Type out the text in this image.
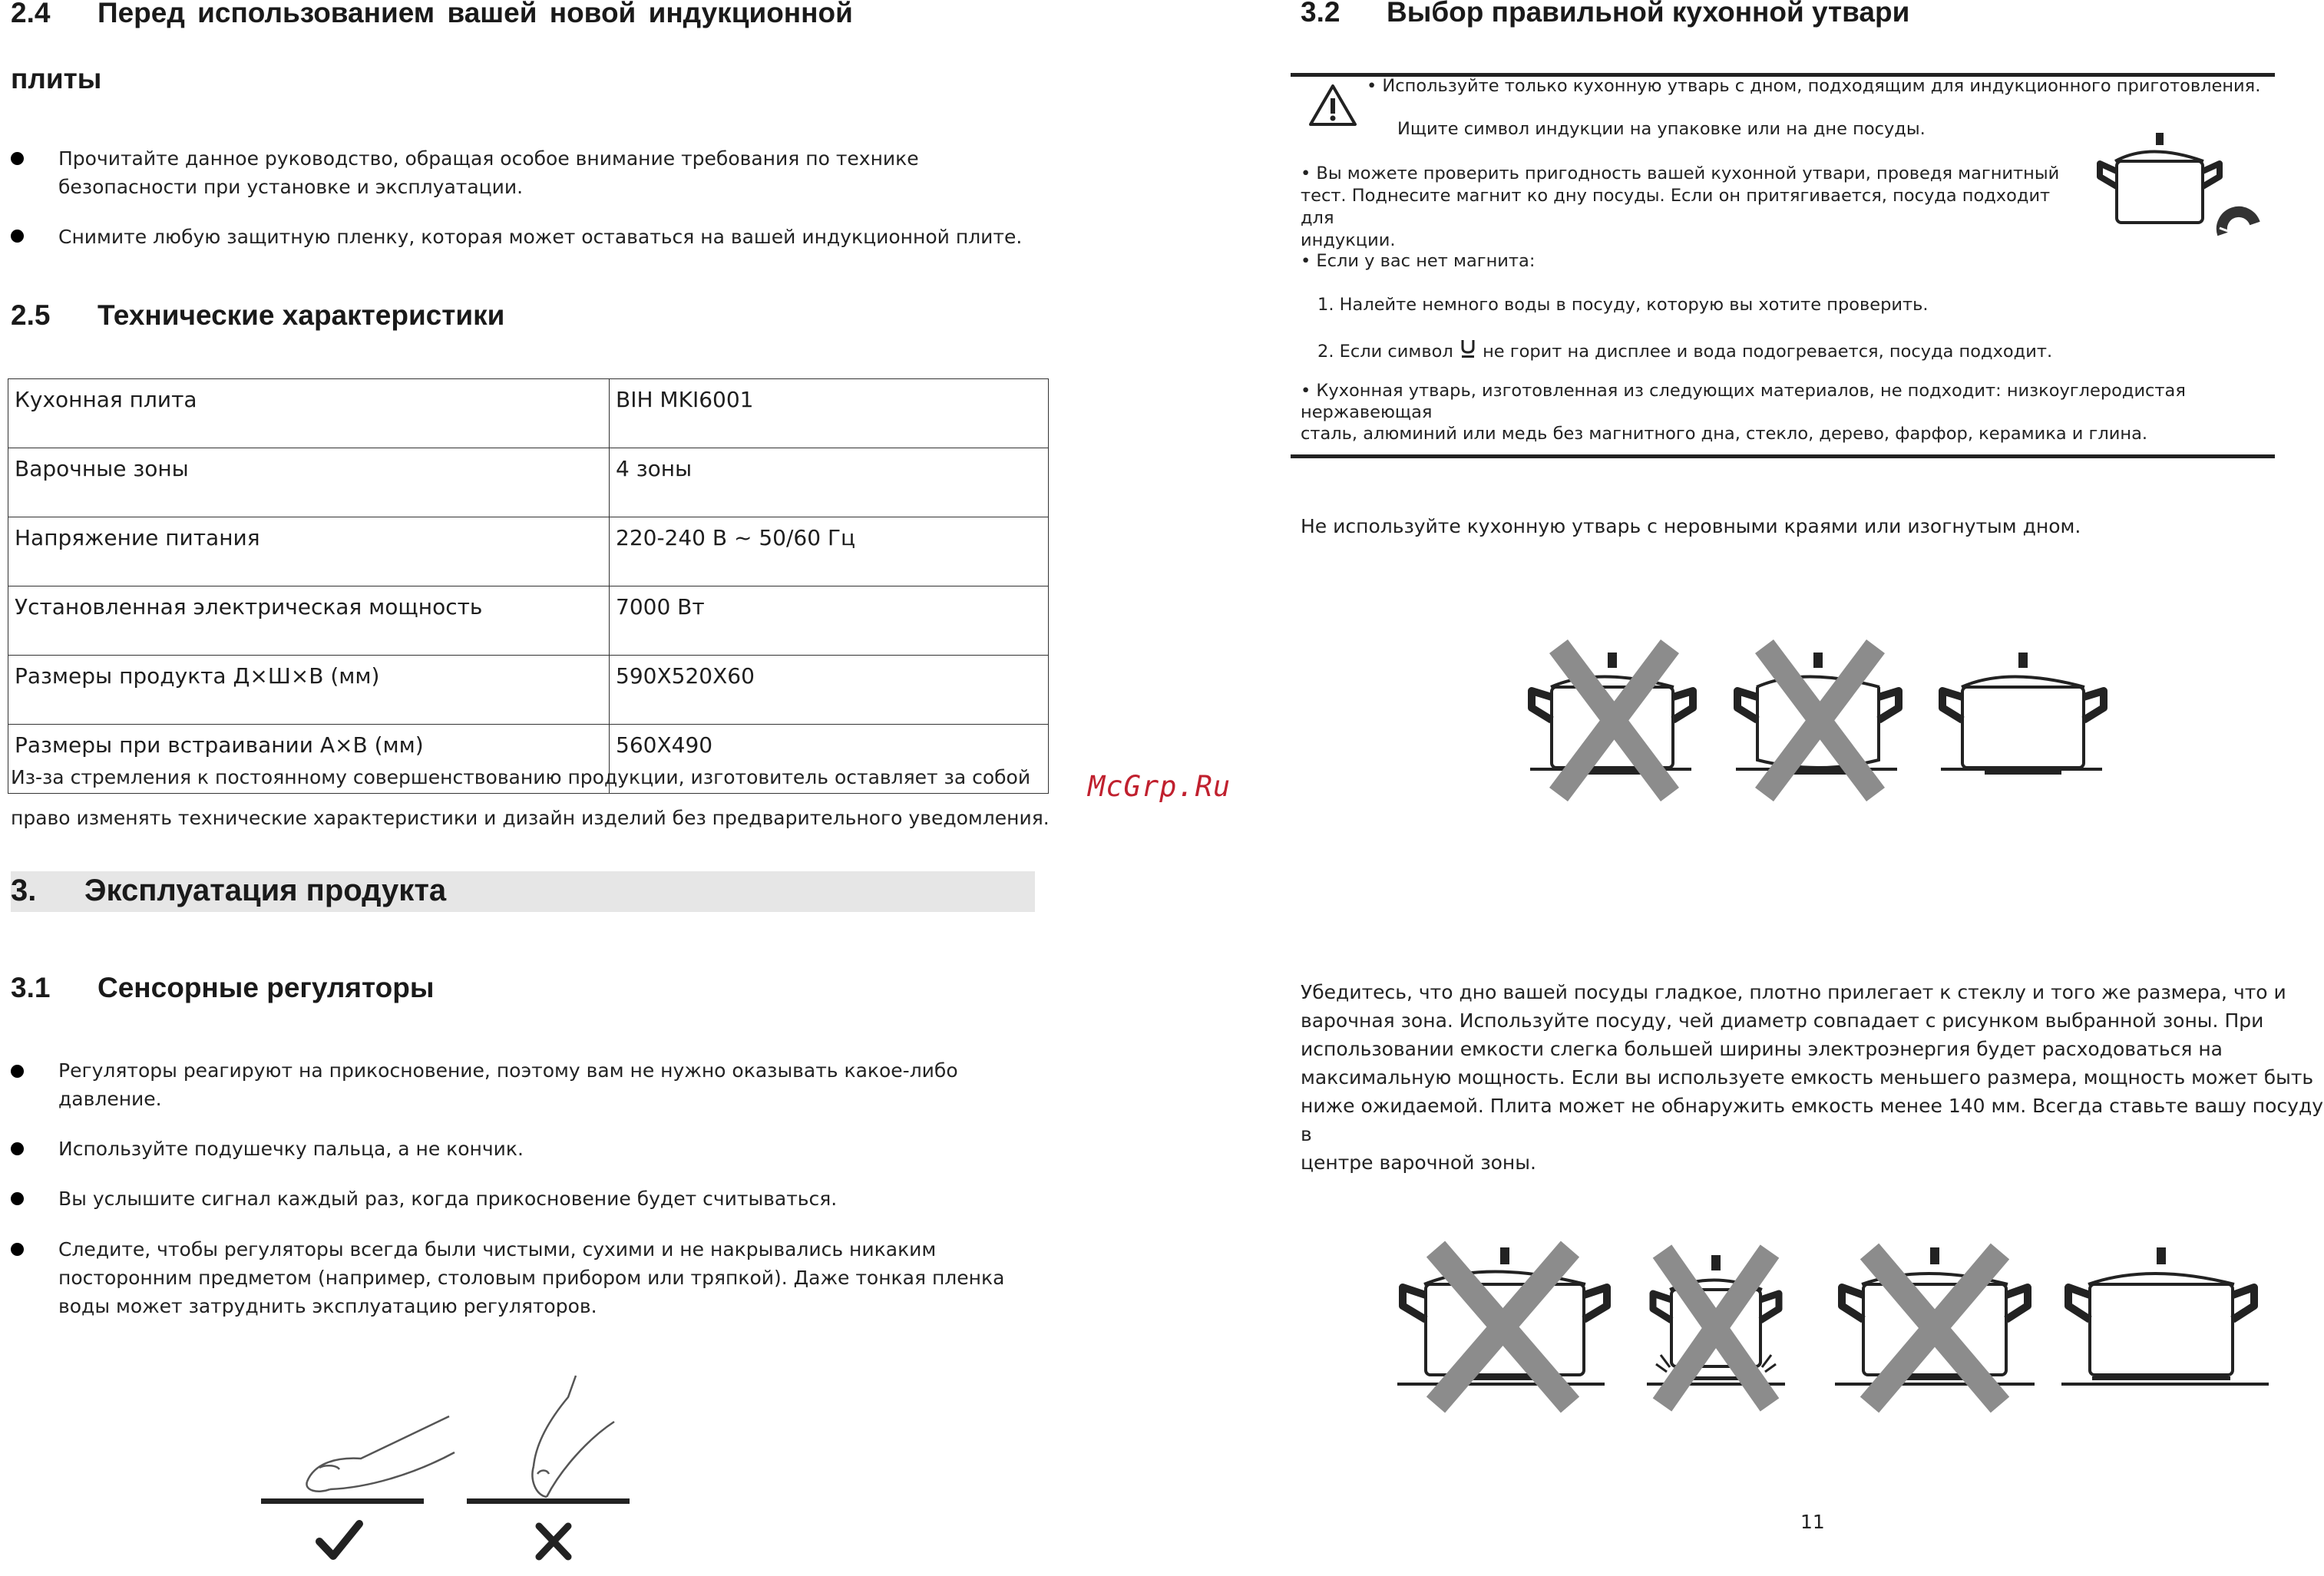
2.4 Перед использованием вашей новой индукционной
плиты
Прочитайте данное руководство, обращая особое внимание требования по технике
безопасности при установке и эксплуатации.
Снимите любую защитную пленку, которая может оставаться на вашей индукционной плите.
2.5 Технические характеристики
Кухонная плита	BIH MKI6001
Варочные зоны	4 зоны
Напряжение питания	220-240 В ~ 50/60 Гц
Установленная электрическая мощность	7000 Вт
Размеры продукта Д×Ш×В (мм)	590X520X60
Размеры при встраивании А×В (мм)	560X490
Из-за стремления к постоянному совершенствованию продукции, изготовитель оставляет за собой
право изменять технические характеристики и дизайн изделий без предварительного уведомления.
3. Эксплуатация продукта
3.1 Сенсорные регуляторы
Регуляторы реагируют на прикосновение, поэтому вам не нужно оказывать какое-либо
давление.
Используйте подушечку пальца, а не кончик.
Вы услышите сигнал каждый раз, когда прикосновение будет считываться.
Следите, чтобы регуляторы всегда были чистыми, сухими и не накрывались никаким
посторонним предметом (например, столовым прибором или тряпкой). Даже тонкая пленка
воды может затруднить эксплуатацию регуляторов.
McGrp.Ru
3.2 Выбор правильной кухонной утвари
• Используйте только кухонную утварь с дном, подходящим для индукционного приготовления.
Ищите символ индукции на упаковке или на дне посуды.
• Вы можете проверить пригодность вашей кухонной утвари, проведя магнитный
тест. Поднесите магнит ко дну посуды. Если он притягивается, посуда подходит для
индукции.
• Если у вас нет магнита:
1. Налейте немного воды в посуду, которую вы хотите проверить.
2. Если символ не горит на дисплее и вода подогревается, посуда подходит.
• Кухонная утварь, изготовленная из следующих материалов, не подходит: низкоуглеродистая нержавеющая
сталь, алюминий или медь без магнитного дна, стекло, дерево, фарфор, керамика и глина.
Не используйте кухонную утварь с неровными краями или изогнутым дном.
Убедитесь, что дно вашей посуды гладкое, плотно прилегает к стеклу и того же размера, что и
варочная зона. Используйте посуду, чей диаметр совпадает с рисунком выбранной зоны. При
использовании емкости слегка большей ширины электроэнергия будет расходоваться на
максимальную мощность. Если вы используете емкость меньшего размера, мощность может быть
ниже ожидаемой. Плита может не обнаружить емкость менее 140 мм. Всегда ставьте вашу посуду в
центре варочной зоны.
11
